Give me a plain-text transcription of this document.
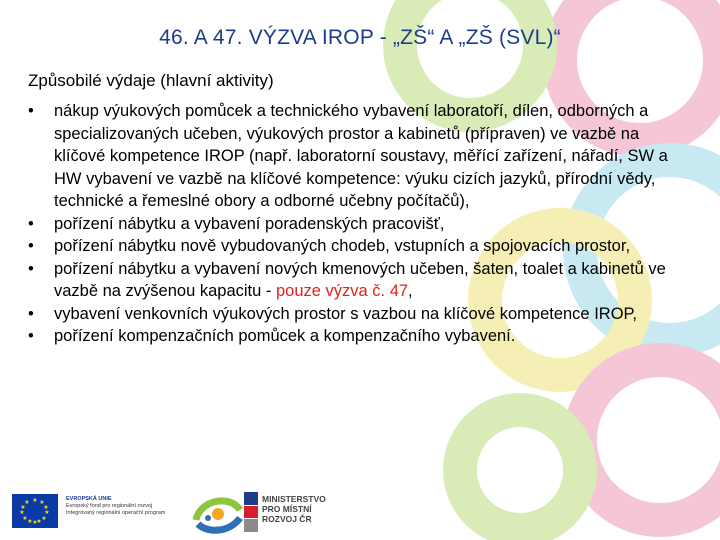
46. A 47. VÝZVA IROP - „ZŠ“ A „ZŠ (SVL)“
Způsobilé výdaje (hlavní aktivity)
• nákup výukových pomůcek a technického vybavení laboratoří, dílen, odborných a specializovaných učeben, výukových prostor a kabinetů (přípraven) ve vazbě na klíčové kompetence IROP (např. laboratorní soustavy, měřící zařízení, nářadí, SW a HW vybavení ve vazbě na klíčové kompetence: výuku cizích jazyků, přírodní vědy, technické a řemeslné obory a odborné učebny počítačů),
• pořízení nábytku a vybavení poradenských pracovišť,
• pořízení nábytku nově vybudovaných chodeb, vstupních a spojovacích prostor,
• pořízení nábytku a vybavení nových kmenových učeben, šaten, toalet a kabinetů ve vazbě na zvýšenou kapacitu - pouze výzva č. 47,
• vybavení venkovních výukových prostor s vazbou na klíčové kompetence IROP,
• pořízení kompenzačních pomůcek a kompenzačního vybavení.
★ ★
★
★
★
★
★
★
★
★
★
★	EVROPSKÁ UNIE
Evropský fond pro regionální rozvoj
Integrovaný regionální operační program
MINISTERSTVO
PRO MÍSTNÍ
ROZVOJ ČR
